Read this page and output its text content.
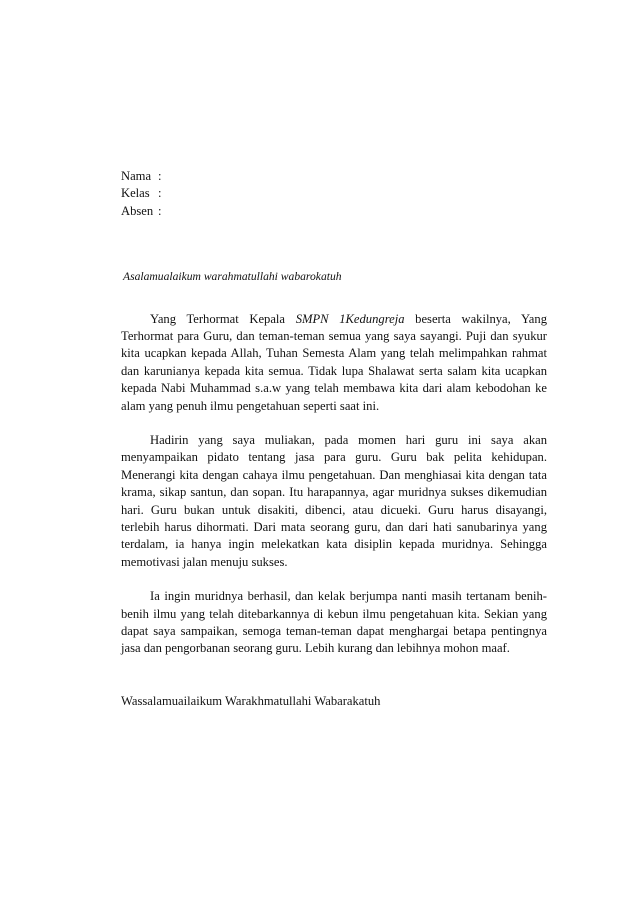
Nama :
Kelas :
Absen :
Asalamualaikum warahmatullahi wabarokatuh

Yang Terhormat Kepala SMPN 1Kedungreja beserta wakilnya, Yang Terhormat para Guru, dan teman-teman semua yang saya sayangi. Puji dan syukur kita ucapkan kepada Allah, Tuhan Semesta Alam yang telah melimpahkan rahmat dan karunianya kepada kita semua. Tidak lupa Shalawat serta salam kita ucapkan kepada Nabi Muhammad s.a.w yang telah membawa kita dari alam kebodohan ke alam yang penuh ilmu pengetahuan seperti saat ini.

Hadirin yang saya muliakan, pada momen hari guru ini saya akan menyampaikan pidato tentang jasa para guru. Guru bak pelita kehidupan. Menerangi kita dengan cahaya ilmu pengetahuan. Dan menghiasai kita dengan tata krama, sikap santun, dan sopan. Itu harapannya, agar muridnya sukses dikemudian hari. Guru bukan untuk disakiti, dibenci, atau dicueki. Guru harus disayangi, terlebih harus dihormati. Dari mata seorang guru, dan dari hati sanubarinya yang terdalam, ia hanya ingin melekatkan kata disiplin kepada muridnya. Sehingga memotivasi jalan menuju sukses.

Ia ingin muridnya berhasil, dan kelak berjumpa nanti masih tertanam benih-benih ilmu yang telah ditebarkannya di kebun ilmu pengetahuan kita. Sekian yang dapat saya sampaikan, semoga teman-teman dapat menghargai betapa pentingnya jasa dan pengorbanan seorang guru. Lebih kurang dan lebihnya mohon maaf.

Wassalamuailaikum Warakhmatullahi Wabarakatuh
